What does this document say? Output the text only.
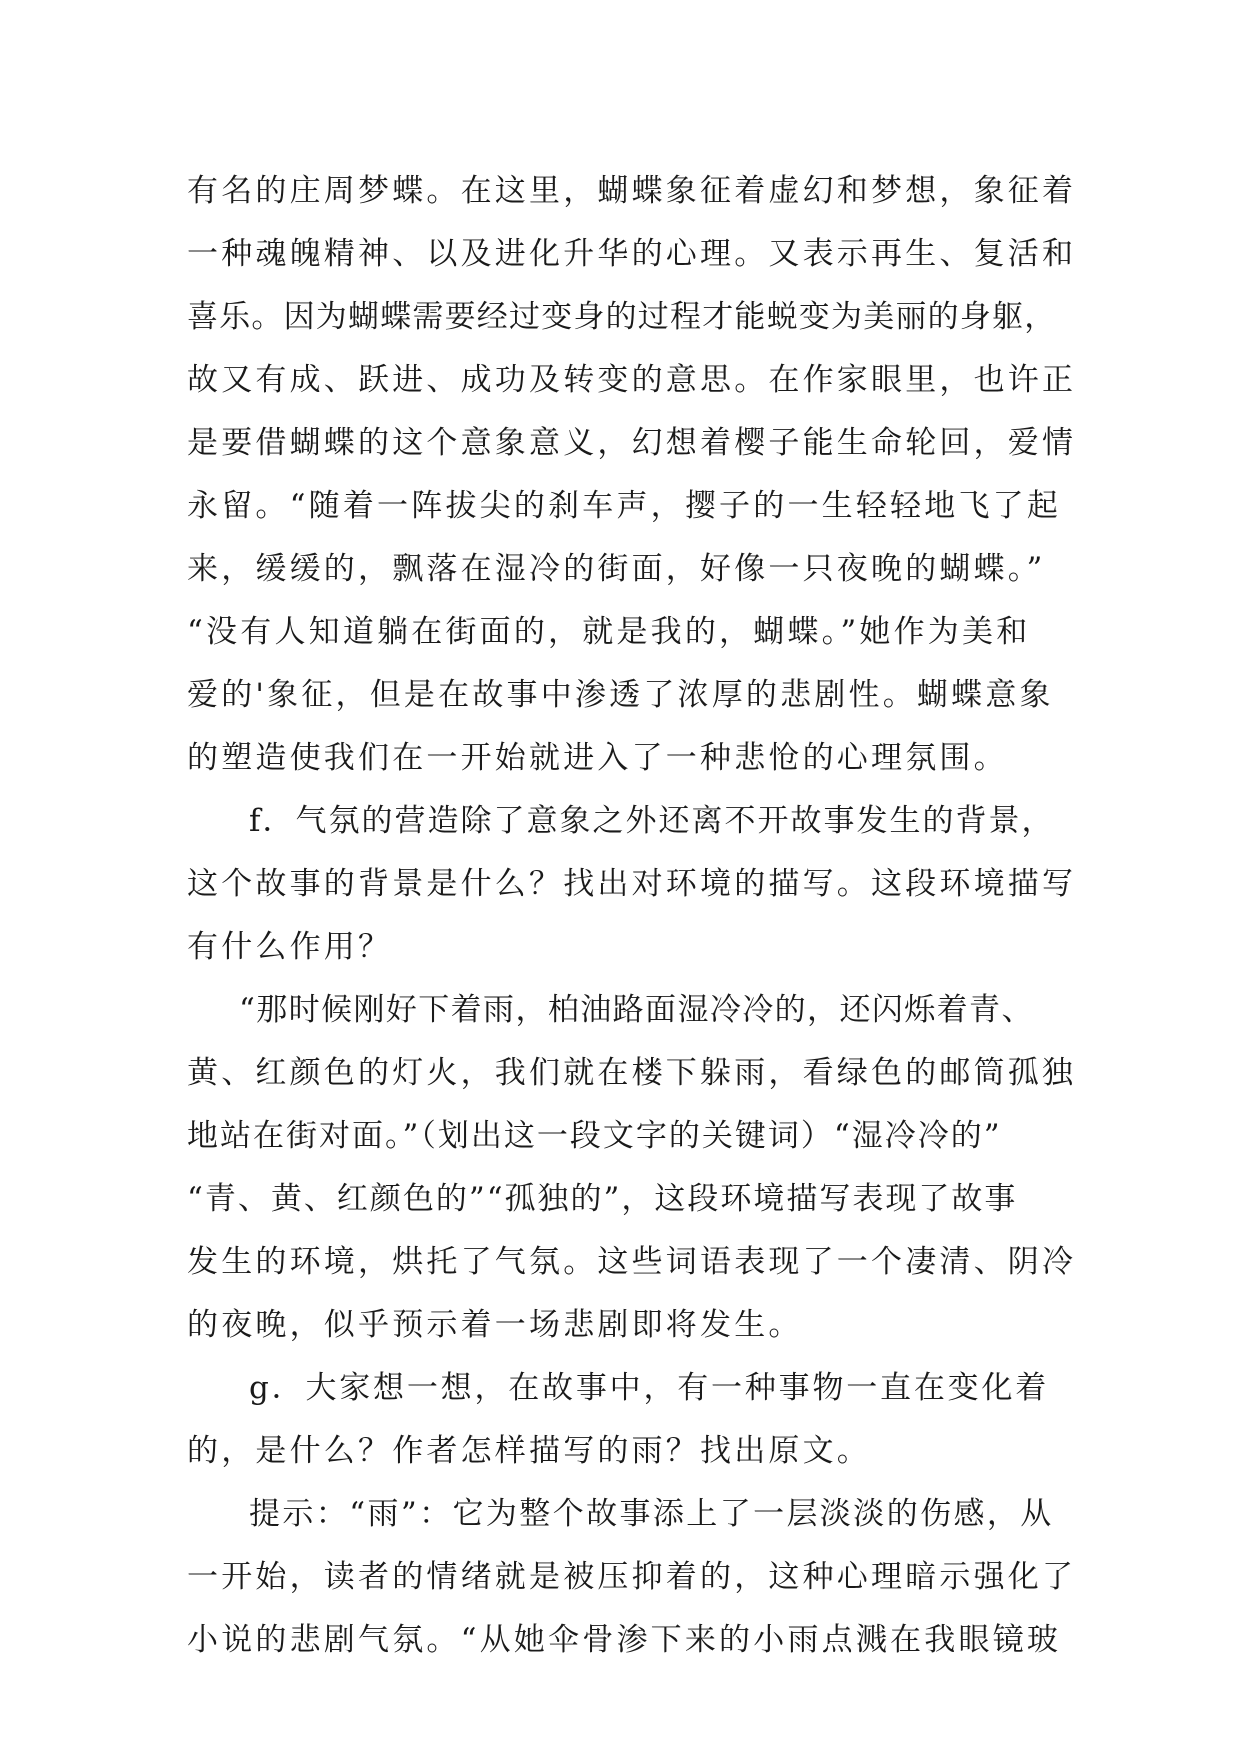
有名的庄周梦蝶。在这里，蝴蝶象征着虚幻和梦想，象征着
一种魂魄精神、以及进化升华的心理。又表示再生、复活和
喜乐。因为蝴蝶需要经过变身的过程才能蜕变为美丽的身躯，
故又有成、跃进、成功及转变的意思。在作家眼里，也许正
是要借蝴蝶的这个意象意义，幻想着樱子能生命轮回，爱情
永留。“随着一阵拔尖的刹车声，撄子的一生轻轻地飞了起
来，缓缓的，飘落在湿冷的街面，好像一只夜晚的蝴蝶。”
“没有人知道躺在街面的，就是我的，蝴蝶。”她作为美和
爱的'象征，但是在故事中渗透了浓厚的悲剧性。蝴蝶意象
的塑造使我们在一开始就进入了一种悲怆的心理氛围。
f．气氛的营造除了意象之外还离不开故事发生的背景，
这个故事的背景是什么？找出对环境的描写。这段环境描写
有什么作用？
“那时候刚好下着雨，柏油路面湿冷冷的，还闪烁着青、
黄、红颜色的灯火，我们就在楼下躲雨，看绿色的邮筒孤独
地站在街对面。”（划出这一段文字的关键词）“湿冷冷的”
“青、黄、红颜色的”“孤独的”，这段环境描写表现了故事
发生的环境，烘托了气氛。这些词语表现了一个凄清、阴冷
的夜晚，似乎预示着一场悲剧即将发生。
g．大家想一想，在故事中，有一种事物一直在变化着
的，是什么？作者怎样描写的雨？找出原文。
提示：“雨”：它为整个故事添上了一层淡淡的伤感，从
一开始，读者的情绪就是被压抑着的，这种心理暗示强化了
小说的悲剧气氛。“从她伞骨渗下来的小雨点溅在我眼镜玻
